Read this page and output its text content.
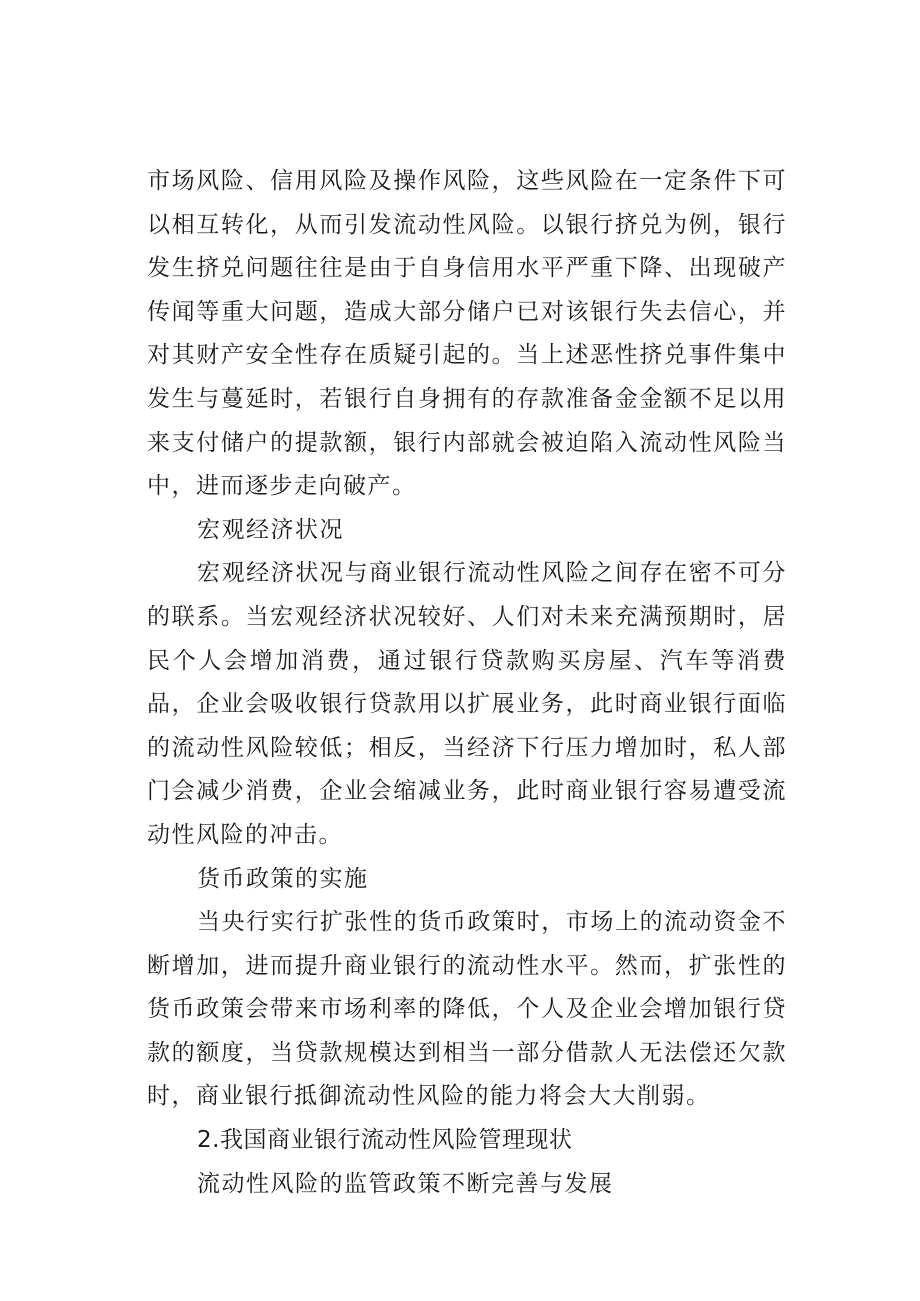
市场风险、信用风险及操作风险，这些风险在一定条件下可以相互转化，从而引发流动性风险。以银行挤兑为例，银行发生挤兑问题往往是由于自身信用水平严重下降、出现破产传闻等重大问题，造成大部分储户已对该银行失去信心，并对其财产安全性存在质疑引起的。当上述恶性挤兑事件集中发生与蔓延时，若银行自身拥有的存款准备金金额不足以用来支付储户的提款额，银行内部就会被迫陷入流动性风险当中，进而逐步走向破产。

宏观经济状况

宏观经济状况与商业银行流动性风险之间存在密不可分的联系。当宏观经济状况较好、人们对未来充满预期时，居民个人会增加消费，通过银行贷款购买房屋、汽车等消费品，企业会吸收银行贷款用以扩展业务，此时商业银行面临的流动性风险较低；相反，当经济下行压力增加时，私人部门会减少消费，企业会缩减业务，此时商业银行容易遭受流动性风险的冲击。

货币政策的实施

当央行实行扩张性的货币政策时，市场上的流动资金不断增加，进而提升商业银行的流动性水平。然而，扩张性的货币政策会带来市场利率的降低，个人及企业会增加银行贷款的额度，当贷款规模达到相当一部分借款人无法偿还欠款时，商业银行抵御流动性风险的能力将会大大削弱。

2.我国商业银行流动性风险管理现状

流动性风险的监管政策不断完善与发展
